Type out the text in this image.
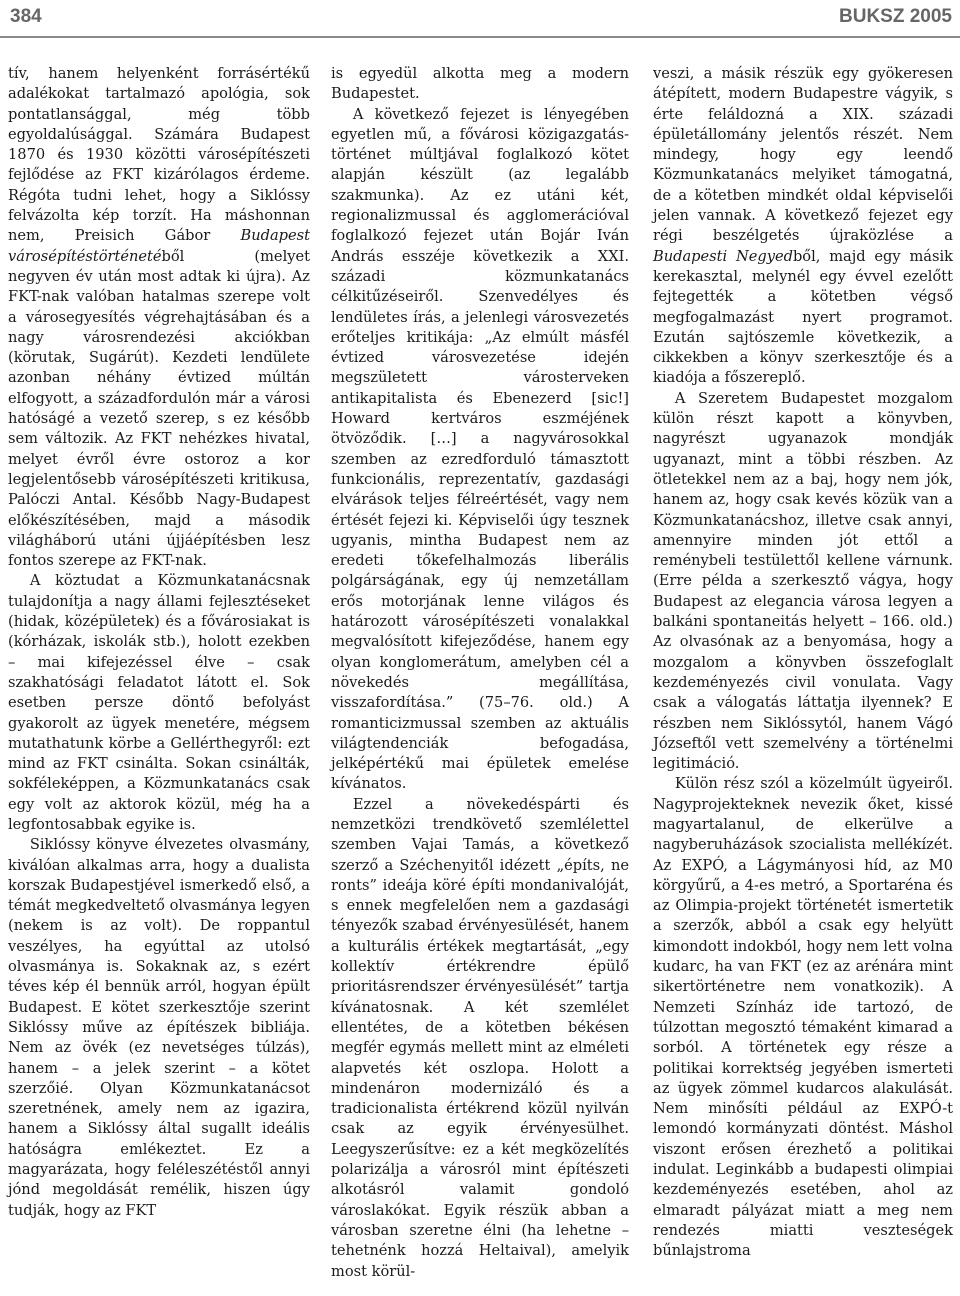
384	BUKSZ 2005

tív, hanem helyenként forrásértékű adalékokat tartalmazó apológia, sok pontatlansággal, még több egyoldalúsággal. Számára Budapest 1870 és 1930 közötti városépítészeti fejlődése az FKT kizárólagos érdeme. Régóta tudni lehet, hogy a Siklóssy felvázolta kép torzít. Ha máshonnan nem, Preisich Gábor Budapest városépítéstörténetéből (melyet negyven év után most adtak ki újra). Az FKT-nak valóban hatalmas szerepe volt a városegyesítés végrehajtásában és a nagy városrendezési akciókban (körutak, Sugárút). Kezdeti lendülete azonban néhány évtized múltán elfogyott, a századfordulón már a városi hatóságé a vezető szerep, s ez később sem változik. Az FKT nehézkes hivatal, melyet évről évre ostoroz a kor legjelentősebb városépítészeti kritikusa, Palóczi Antal. Később Nagy-Budapest előkészítésében, majd a második világháború utáni újjáépítésben lesz fontos szerepe az FKT-nak.

A köztudat a Közmunkatanácsnak tulajdonítja a nagy állami fejlesztéseket (hidak, középületek) és a fővárosiakat is (kórházak, iskolák stb.), holott ezekben – mai kifejezéssel élve – csak szakhatósági feladatot látott el. Sok esetben persze döntő befolyást gyakorolt az ügyek menetére, mégsem mutathatunk körbe a Gellérthegyről: ezt mind az FKT csinálta. Sokan csinálták, sokféleképpen, a Közmunkatanács csak egy volt az aktorok közül, még ha a legfontosabbak egyike is.

Siklóssy könyve élvezetes olvasmány, kiválóan alkalmas arra, hogy a dualista korszak Budapestjével ismerkedő első, a témát megkedveltető olvasmánya legyen (nekem is az volt). De roppantul veszélyes, ha egyúttal az utolsó olvasmánya is. Sokaknak az, s ezért téves kép él bennük arról, hogyan épült Budapest. E kötet szerkesztője szerint Siklóssy műve az építészek bibliája. Nem az övék (ez nevetséges túlzás), hanem – a jelek szerint – a kötet szerzőié. Olyan Közmunkatanácsot szeretnének, amely nem az igazira, hanem a Siklóssy által sugallt ideális hatóságra emlékeztet. Ez a magyarázata, hogy feléleszétéstől annyi jónd megoldását remélik, hiszen úgy tudják, hogy az FKT

is egyedül alkotta meg a modern Budapestet.

A következő fejezet is lényegében egyetlen mű, a fővárosi közigazgatás-történet múltjával foglalkozó kötet alapján készült (az legalább szakmunka). Az ez utáni két, regionalizmussal és agglomerációval foglalkozó fejezet után Bojár Iván András esszéje következik a XXI. századi közmunkatanács célkitűzéseiről. Szenvedélyes és lendületes írás, a jelenlegi városvezetés erőteljes kritikája: „Az elmúlt másfél évtized városvezetése idején megszületett városterveken antikapitalista és Ebenezerd [sic!] Howard kertváros eszméjének ötvöződik. […] a nagyvárosokkal szemben az ezredforduló támasztott funkcionális, reprezentatív, gazdasági elvárások teljes félreértését, vagy nem értését fejezi ki. Képviselői úgy tesznek ugyanis, mintha Budapest nem az eredeti tőkefelhalmozás liberális polgárságának, egy új nemzetállam erős motorjának lenne világos és határozott városépítészeti vonalakkal megvalósított kifejeződése, hanem egy olyan konglomerátum, amelyben cél a növekedés megállítása, visszafordítása.” (75–76. old.) A romanticizmussal szemben az aktuális világtendenciák befogadása, jelképértékű mai épületek emelése kívánatos.

Ezzel a növekedéspárti és nemzetközi trendkövető szemlélettel szemben Vajai Tamás, a következő szerző a Széchenyitől idézett „építs, ne ronts” ideája köré építi mondanivalóját, s ennek megfelelően nem a gazdasági tényezők szabad érvényesülését, hanem a kulturális értékek megtartását, „egy kollektív értékrendre épülő prioritásrendszer érvényesülését” tartja kívánatosnak. A két szemlélet ellentétes, de a kötetben békésen megfér egymás mellett mint az elméleti alapvetés két oszlopa. Holott a mindenáron modernizáló és a tradicionalista értékrend közül nyilván csak az egyik érvényesülhet. Leegyszerűsítve: ez a két megközelítés polarizálja a városról mint építészeti alkotásról valamit gondoló városlakókat. Egyik részük abban a városban szeretne élni (ha lehetne – tehetnénk hozzá Heltaival), amelyik most körül-

veszi, a másik részük egy gyökeresen átépített, modern Budapestre vágyik, s érte feláldozná a XIX. századi épületállomány jelentős részét. Nem mindegy, hogy egy leendő Közmunkatanács melyiket támogatná, de a kötetben mindkét oldal képviselői jelen vannak. A következő fejezet egy régi beszélgetés újraközlése a Budapesti Negyedből, majd egy másik kerekasztal, melynél egy évvel ezelőtt fejtegették a kötetben végső megfogalmazást nyert programot. Ezután sajtószemle következik, a cikkekben a könyv szerkesztője és a kiadója a főszereplő.

A Szeretem Budapestet mozgalom külön részt kapott a könyvben, nagyrészt ugyanazok mondják ugyanazt, mint a többi részben. Az ötletekkel nem az a baj, hogy nem jók, hanem az, hogy csak kevés közük van a Közmunkatanácshoz, illetve csak annyi, amennyire minden jót ettől a reménybeli testülettől kellene várnunk. (Erre példa a szerkesztő vágya, hogy Budapest az elegancia városa legyen a balkáni spontaneitás helyett – 166. old.) Az olvasónak az a benyomása, hogy a mozgalom a könyvben összefoglalt kezdeményezés civil vonulata. Vagy csak a válogatás láttatja ilyennek? E részben nem Siklóssytól, hanem Vágó Józseftől vett szemelvény a történelmi legitimáció.

Külön rész szól a közelmúlt ügyeiről. Nagyprojekteknek nevezik őket, kissé magyartalanul, de elkerülve a nagyberuházások szocialista mellékízét. Az EXPÓ, a Lágymányosi híd, az M0 körgyűrű, a 4-es metró, a Sportaréna és az Olimpia-projekt történetét ismertetik a szerzők, abból a csak egy helyütt kimondott indokból, hogy nem lett volna kudarc, ha van FKT (ez az arénára mint sikertörténetre nem vonatkozik). A Nemzeti Színház ide tartozó, de túlzottan megosztó témaként kimarad a sorból. A történetek egy része a politikai korrektség jegyében ismerteti az ügyek zömmel kudarcos alakulását. Nem minősíti például az EXPÓ-t lemondó kormányzati döntést. Máshol viszont erősen érezhető a politikai indulat. Leginkább a budapesti olimpiai kezdeményezés esetében, ahol az elmaradt pályázat miatt a meg nem rendezés miatti veszteségek bűnlajstroma
